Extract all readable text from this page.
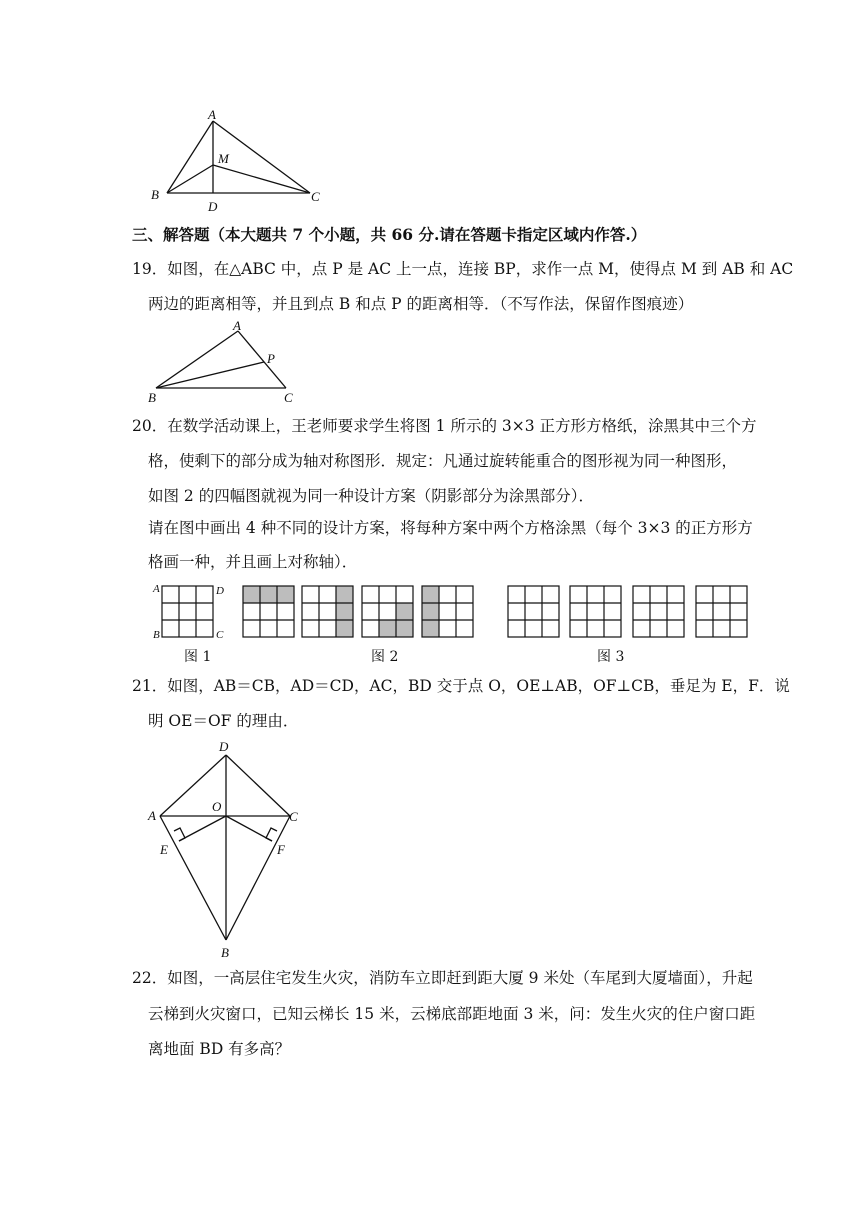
A
M
B	C
D
三、解答题（本大题共 7 个小题，共 66 分.请在答题卡指定区域内作答.）
19．如图，在△ABC 中，点 P 是 AC 上一点，连接 BP，求作一点 M，使得点 M 到 AB 和 AC
两边的距离相等，并且到点 B 和点 P 的距离相等．（不写作法，保留作图痕迹）
A
P
B	C
20．在数学活动课上，王老师要求学生将图 1 所示的 3×3 正方形方格纸，涂黑其中三个方
格，使剩下的部分成为轴对称图形．规定：凡通过旋转能重合的图形视为同一种图形，
如图 2 的四幅图就视为同一种设计方案（阴影部分为涂黑部分）．
请在图中画出 4 种不同的设计方案，将每种方案中两个方格涂黑（每个 3×3 的正方形方
格画一种，并且画上对称轴）．
A	D
B	C
图 1	图 2	图 3
21．如图，AB＝CB，AD＝CD，AC，BD 交于点 O，OE⊥AB，OF⊥CB，垂足为 E，F．说
明 OE＝OF 的理由．
D
A
O
C
E	F
B
22．如图，一高层住宅发生火灾，消防车立即赶到距大厦 9 米处（车尾到大厦墙面），升起
云梯到火灾窗口，已知云梯长 15 米，云梯底部距地面 3 米，问：发生火灾的住户窗口距
离地面 BD 有多高？
